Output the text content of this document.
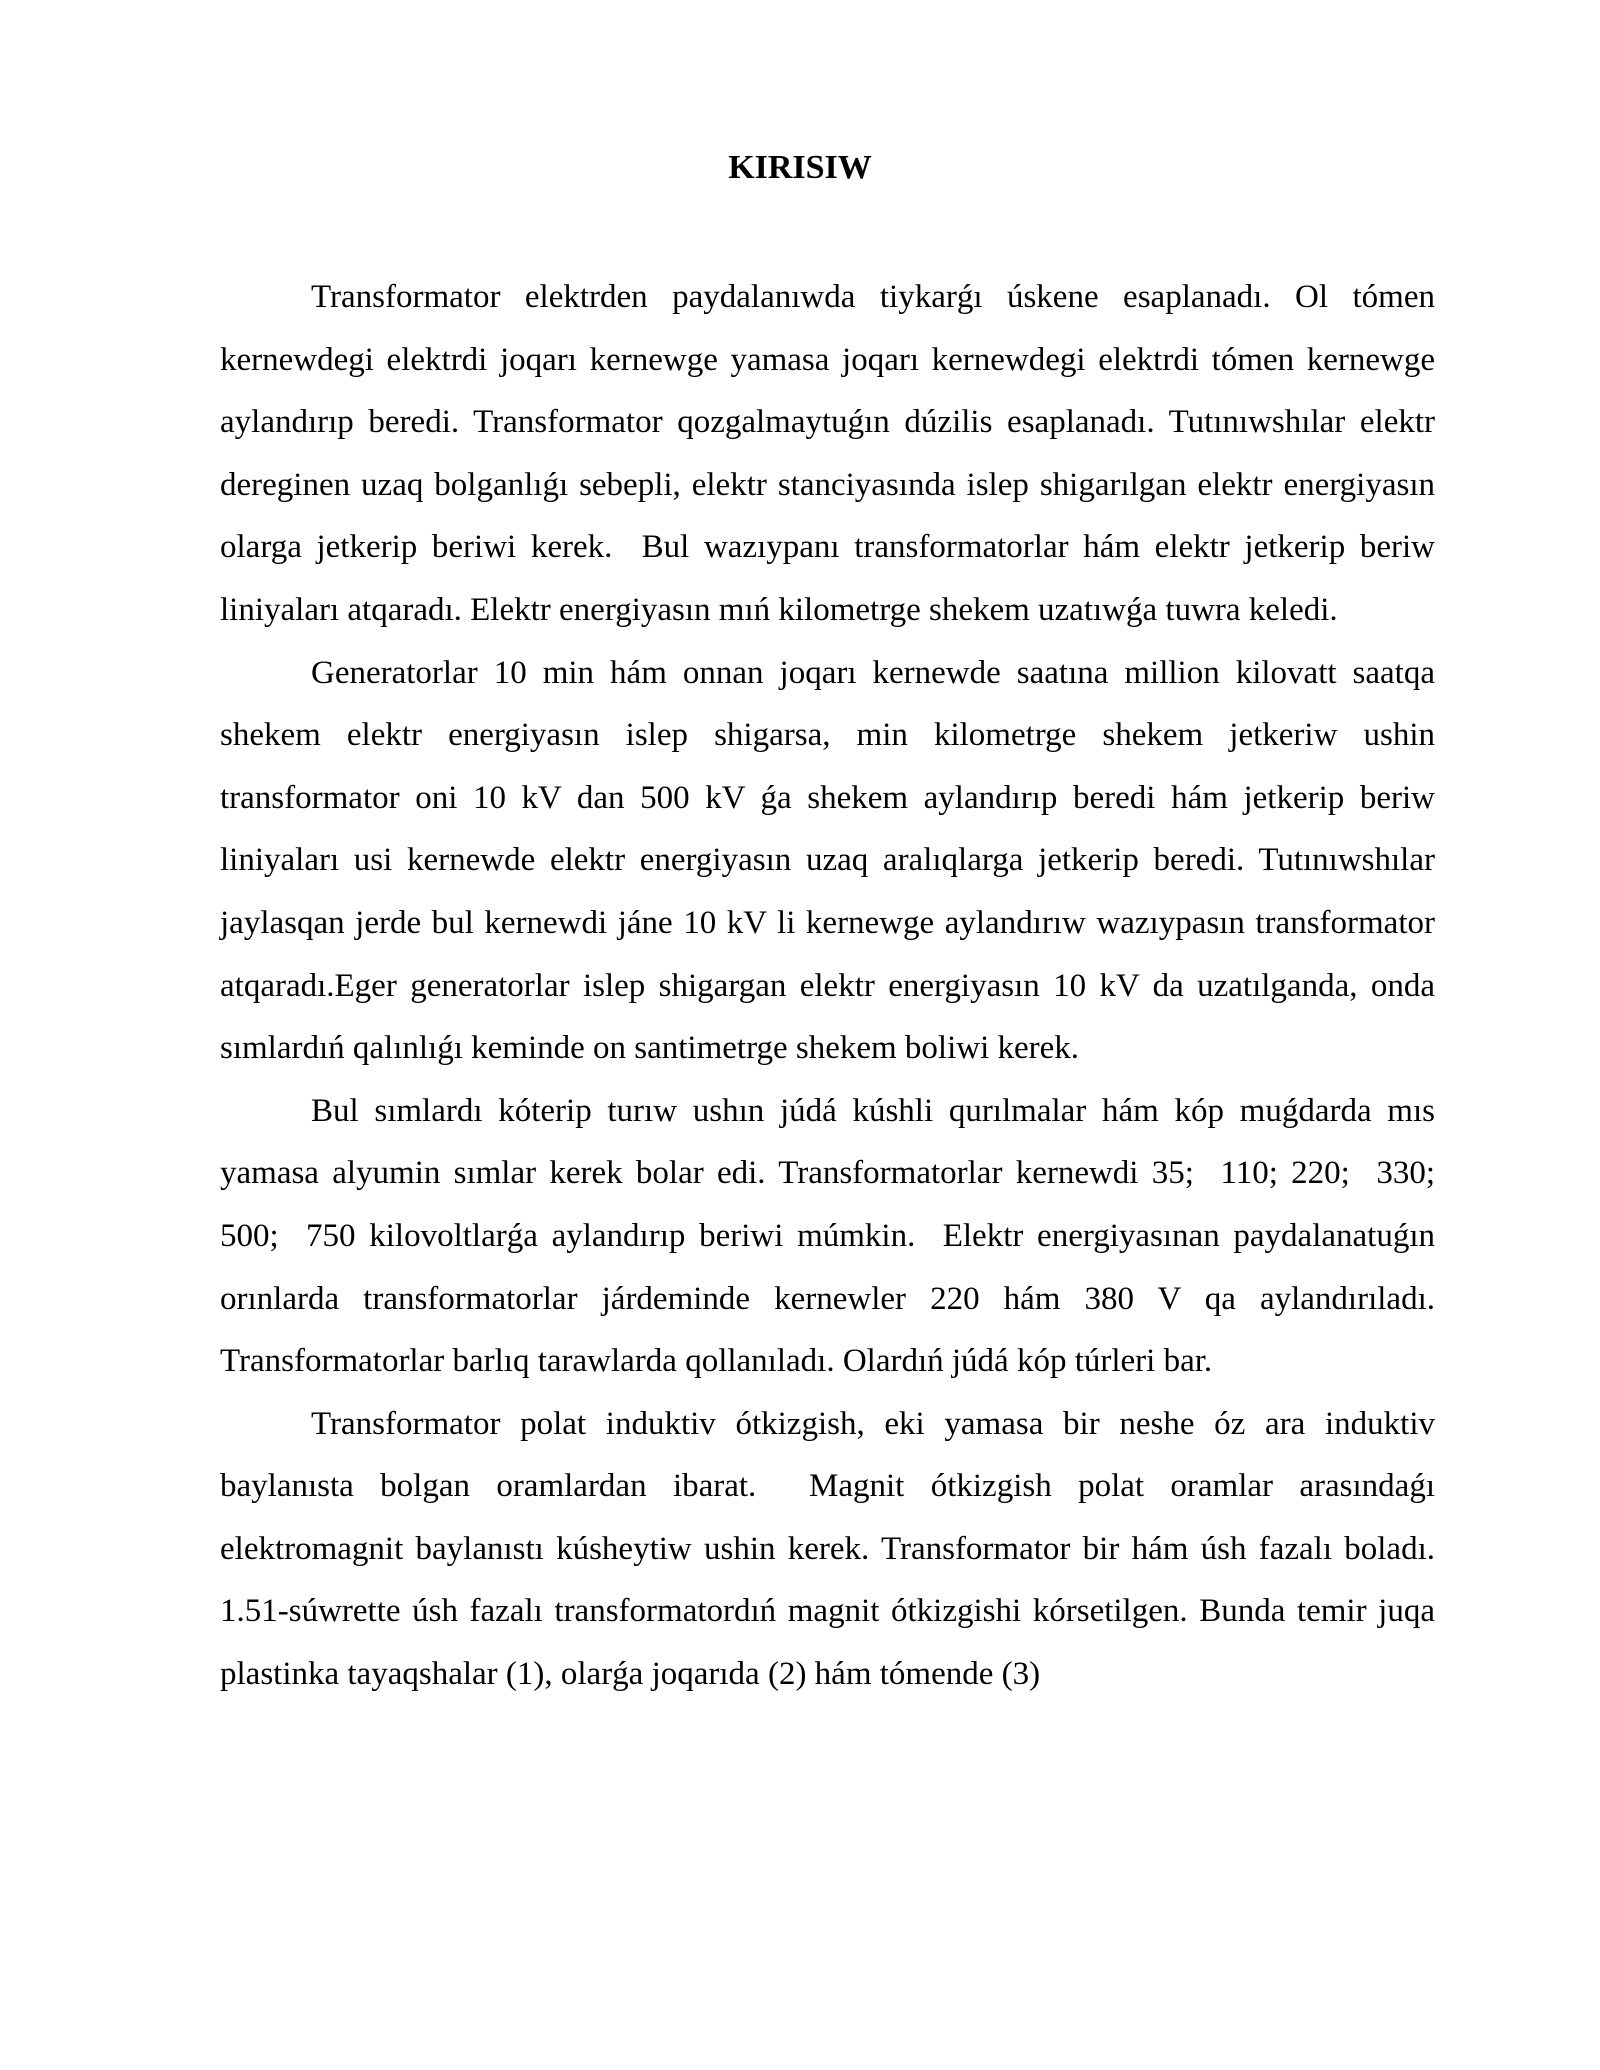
KIRISIW

Transformator elektrden paydalanıwda tiykarǵı úskene esaplanadı. Ol tómen kernewdegi elektrdi joqarı kernewge yamasa joqarı kernewdegi elektrdi tómen kernewge aylandırıp beredi. Transformator qozgalmaytuǵın dúzilis esaplanadı. Tutınıwshılar elektr dereginen uzaq bolganlıǵı sebepli, elektr stanciyasında islep shigarılgan elektr energiyasın olarga jetkerip beriwi kerek.  Bul wazıypanı transformatorlar hám elektr jetkerip beriw liniyaları atqaradı. Elektr energiyasın mıń kilometrge shekem uzatıwǵa tuwra keledi.

Generatorlar 10 min hám onnan joqarı kernewde saatına million kilovatt saatqa shekem elektr energiyasın islep shigarsa, min kilometrge shekem jetkeriw ushin transformator oni 10 kV dan 500 kV ǵa shekem aylandırıp beredi hám jetkerip beriw liniyaları usi kernewde elektr energiyasın uzaq aralıqlarga jetkerip beredi. Tutınıwshılar jaylasqan jerde bul kernewdi jáne 10 kV li kernewge aylandırıw wazıypasın transformator atqaradı.Eger generatorlar islep shigargan elektr energiyasın 10 kV da uzatılganda, onda sımlardıń qalınlıǵı keminde on santimetrge shekem boliwi kerek.

Bul sımlardı kóterip turıw ushın júdá kúshli qurılmalar hám kóp muǵdarda mıs yamasa alyumin sımlar kerek bolar edi. Transformatorlar kernewdi 35;  110; 220;  330;  500;  750 kilovoltlarǵa aylandırıp beriwi múmkin.  Elektr energiyasınan paydalanatuǵın orınlarda transformatorlar járdeminde kernewler 220 hám 380 V qa aylandırıladı. Transformatorlar barlıq tarawlarda qollanıladı. Olardıń júdá kóp túrleri bar.

Transformator polat induktiv ótkizgish, eki yamasa bir neshe óz ara induktiv baylanısta bolgan oramlardan ibarat.  Magnit ótkizgish polat oramlar arasındaǵı elektromagnit baylanıstı kúsheytiw ushin kerek. Transformator bir hám úsh fazalı boladı. 1.51-súwrette úsh fazalı transformatordıń magnit ótkizgishi kórsetilgen. Bunda temir juqa plastinka tayaqshalar (1), olarǵa joqarıda (2) hám tómende (3)
